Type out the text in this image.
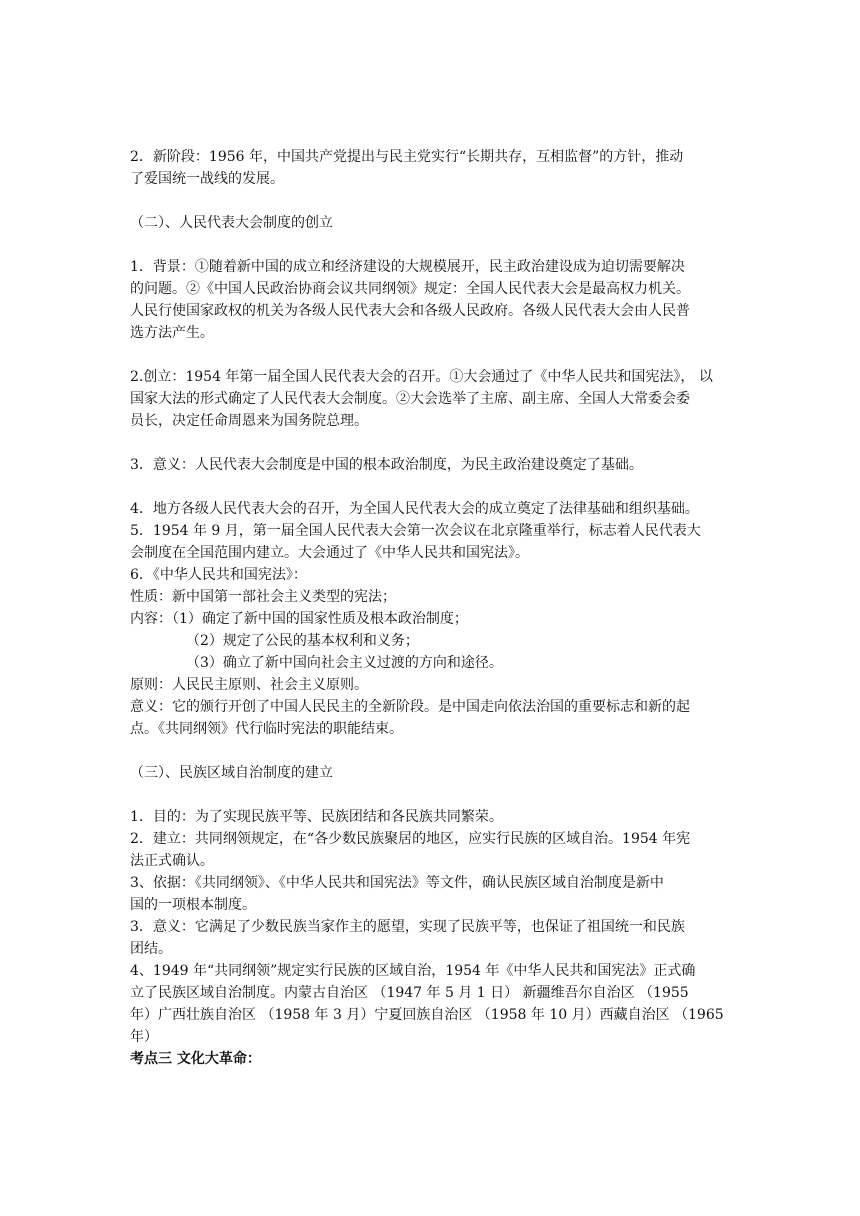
2．新阶段：1956 年，中国共产党提出与民主党实行“长期共存，互相监督”的方针，推动
了爱国统一战线的发展。
（二）、人民代表大会制度的创立
1．背景：①随着新中国的成立和经济建设的大规模展开，民主政治建设成为迫切需要解决
的问题。②《中国人民政治协商会议共同纲领》规定：全国人民代表大会是最高权力机关。
人民行使国家政权的机关为各级人民代表大会和各级人民政府。各级人民代表大会由人民普
选方法产生。
2.创立：1954 年第一届全国人民代表大会的召开。①大会通过了《中华人民共和国宪法》， 以
国家大法的形式确定了人民代表大会制度。②大会选举了主席、副主席、全国人大常委会委
员长，决定任命周恩来为国务院总理。
3．意义：人民代表大会制度是中国的根本政治制度，为民主政治建设奠定了基础。
4．地方各级人民代表大会的召开，为全国人民代表大会的成立奠定了法律基础和组织基础。
5．1954 年 9 月，第一届全国人民代表大会第一次会议在北京隆重举行，标志着人民代表大
会制度在全国范围内建立。大会通过了《中华人民共和国宪法》。
6．《中华人民共和国宪法》：
性质：新中国第一部社会主义类型的宪法；
内容：（1）确定了新中国的国家性质及根本政治制度；
（2）规定了公民的基本权利和义务；
（3）确立了新中国向社会主义过渡的方向和途径。
原则：人民民主原则、社会主义原则。
意义：它的颁行开创了中国人民民主的全新阶段。是中国走向依法治国的重要标志和新的起
点。《共同纲领》代行临时宪法的职能结束。
（三）、民族区域自治制度的建立
1．目的：为了实现民族平等、民族团结和各民族共同繁荣。
2．建立：共同纲领规定，在“各少数民族聚居的地区，应实行民族的区域自治。1954 年宪
法正式确认。
3、依据：《共同纲领》、《中华人民共和国宪法》等文件，确认民族区域自治制度是新中
国的一项根本制度。
3．意义：它满足了少数民族当家作主的愿望，实现了民族平等，也保证了祖国统一和民族
团结。
4、1949 年“共同纲领”规定实行民族的区域自治，1954 年《中华人民共和国宪法》正式确
立了民族区域自治制度。内蒙古自治区 （1947 年 5 月 1 日） 新疆维吾尔自治区 （1955
年）广西壮族自治区 （1958 年 3 月）宁夏回族自治区 （1958 年 10 月）西藏自治区 （1965
年）
考点三 文化大革命：
